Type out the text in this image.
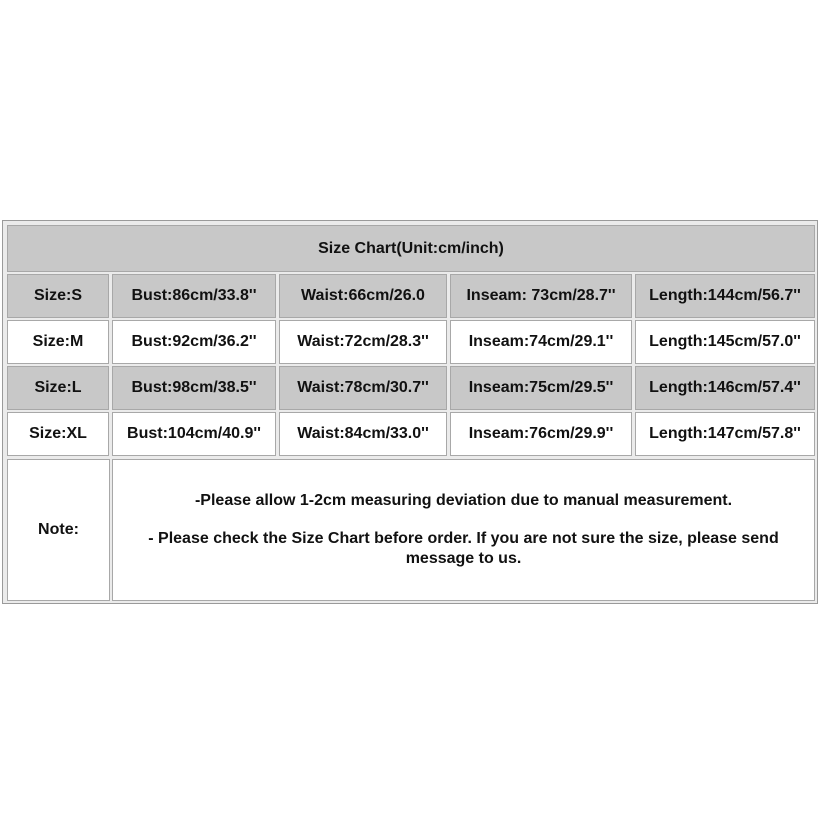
Size Chart(Unit:cm/inch)
Size:S	Bust:86cm/33.8''	Waist:66cm/26.0	Inseam: 73cm/28.7''	Length:144cm/56.7''
Size:M	Bust:92cm/36.2''	Waist:72cm/28.3''	Inseam:74cm/29.1''	Length:145cm/57.0''
Size:L	Bust:98cm/38.5''	Waist:78cm/30.7''	Inseam:75cm/29.5''	Length:146cm/57.4''
Size:XL	Bust:104cm/40.9''	Waist:84cm/33.0''	Inseam:76cm/29.9''	Length:147cm/57.8''
Note:
-Please allow 1-2cm measuring deviation due to manual measurement.
- Please check the Size Chart before order. If you are not sure the size, please send message to us.
